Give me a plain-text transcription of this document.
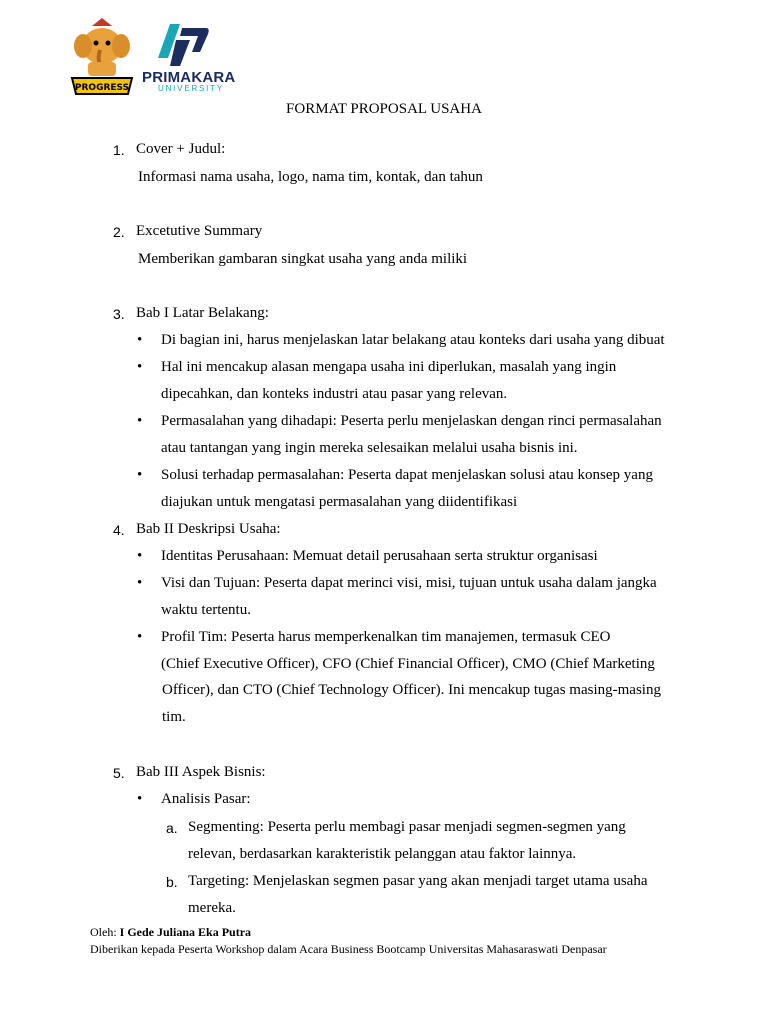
PROGRESS
PRIMAKARA
UNIVERSITY
FORMAT PROPOSAL USAHA
1. Cover + Judul:
Informasi nama usaha, logo, nama tim, kontak, dan tahun
2. Excetutive Summary
Memberikan gambaran singkat usaha yang anda miliki
3. Bab I Latar Belakang:
• Di bagian ini, harus menjelaskan latar belakang atau konteks dari usaha yang dibuat
• Hal ini mencakup alasan mengapa usaha ini diperlukan, masalah yang ingin
dipecahkan, dan konteks industri atau pasar yang relevan.
• Permasalahan yang dihadapi: Peserta perlu menjelaskan dengan rinci permasalahan
atau tantangan yang ingin mereka selesaikan melalui usaha bisnis ini.
• Solusi terhadap permasalahan: Peserta dapat menjelaskan solusi atau konsep yang
diajukan untuk mengatasi permasalahan yang diidentifikasi
4. Bab II Deskripsi Usaha:
• Identitas Perusahaan: Memuat detail perusahaan serta struktur organisasi
• Visi dan Tujuan: Peserta dapat merinci visi, misi, tujuan untuk usaha dalam jangka
waktu tertentu.
• Profil Tim: Peserta harus memperkenalkan tim manajemen, termasuk CEO
(Chief Executive Officer), CFO (Chief Financial Officer), CMO (Chief Marketing
Officer), dan CTO (Chief Technology Officer). Ini mencakup tugas masing-masing
tim.
5. Bab III Aspek Bisnis:
• Analisis Pasar:
a. Segmenting: Peserta perlu membagi pasar menjadi segmen-segmen yang
relevan, berdasarkan karakteristik pelanggan atau faktor lainnya.
b. Targeting: Menjelaskan segmen pasar yang akan menjadi target utama usaha
mereka.
Oleh: I Gede Juliana Eka Putra
Diberikan kepada Peserta Workshop dalam Acara Business Bootcamp Universitas Mahasaraswati Denpasar
